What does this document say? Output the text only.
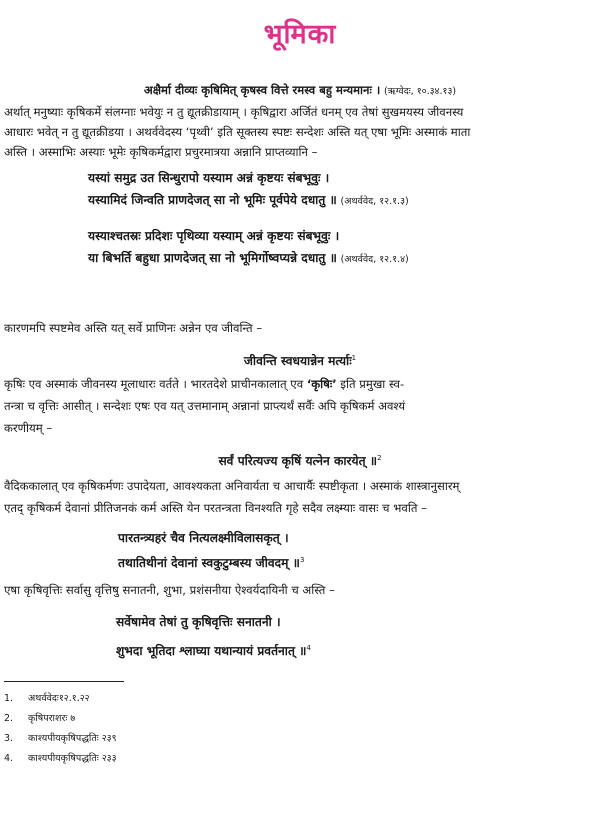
भूमिका
अक्षैर्मा दीव्यः कृषिमित् कृषस्व वित्ते रमस्व बहु मन्यमानः । (ऋग्वेदः, १०.३४.१३)
अर्थात् मनुष्याः कृषिकर्मे संलग्नाः भवेयुः न तु द्यूतक्रीडायाम् । कृषिद्वारा अर्जितं धनम् एव तेषां सुखमयस्य जीवनस्य
आधारः भवेत् न तु द्यूतक्रीडया । अथर्ववेदस्य ‘पृथ्वी’ इति सूक्तस्य स्पष्टः सन्देशः अस्ति यत् एषा भूमिः अस्माकं माता
अस्ति । अस्माभिः अस्याः भूमेः कृषिकर्मद्वारा प्रचुरमात्रया अन्नानि प्राप्तव्यानि –
यस्यां समुद्र उत सिन्धुरापो यस्याम अन्नं कृष्टयः संबभूवुः ।
यस्यामिदं जिन्वति प्राणदेजत् सा नो भूमिः पूर्वपेये दधातु ॥ (अथर्ववेद, १२.१.३)
यस्याश्चतस्रः प्रदिशः पृथिव्या यस्याम् अन्नं कृष्टयः संबभूवुः ।
या बिभर्ति बहुधा प्राणदेजत् सा नो भूमिर्गोष्वप्यन्ने दधातु ॥ (अथर्ववेद, १२.१.४)
कारणमपि स्पष्टमेव अस्ति यत् सर्वे प्राणिनः अन्नेन एव जीवन्ति –
जीवन्ति स्वधयान्नेन मर्त्याः$^1$
कृषिः एव अस्माकं जीवनस्य मूलाधारः वर्तते । भारतदेशे प्राचीनकालात् एव ‘कृषिः’ इति प्रमुखा स्व-
तन्त्रा च वृत्तिः आसीत् । सन्देशः एषः एव यत् उत्तमानाम् अन्नानां प्राप्त्यर्थं सर्वैः अपि कृषिकर्म अवश्यं
करणीयम् –
सर्वं परित्यज्य कृषिं यत्नेन कारयेत् ॥$^2$
वैदिककालात् एव कृषिकर्मणः उपादेयता, आवश्यकता अनिवार्यता च आचार्यैः स्पष्टीकृता । अस्माकं शास्त्रानुसारम्
एतद् कृषिकर्म देवानां प्रीतिजनकं कर्म अस्ति येन परतन्त्रता विनश्यति गृहे सदैव लक्ष्म्याः वासः च भवति –
पारतन्त्र्यहरं चैव नित्यलक्ष्मीविलासकृत् ।
तथातिथीनां देवानां स्वकुटुम्बस्य जीवदम् ॥$^3$
एषा कृषिवृत्तिः सर्वासु वृत्तिषु सनातनी, शुभा, प्रशंसनीया ऐश्वर्यदायिनी च अस्ति –
सर्वेषामेव तेषां तु कृषिवृत्तिः सनातनी ।
शुभदा भूतिदा श्लाघ्या यथान्यायं प्रवर्तनात् ॥$^4$
1. अथर्ववेदः१२.१.२२
2. कृषिपराशरः ७
3. काश्यपीयकृषिपद्धतिः २३९
4. काश्यपीयकृषिपद्धतिः २३३
